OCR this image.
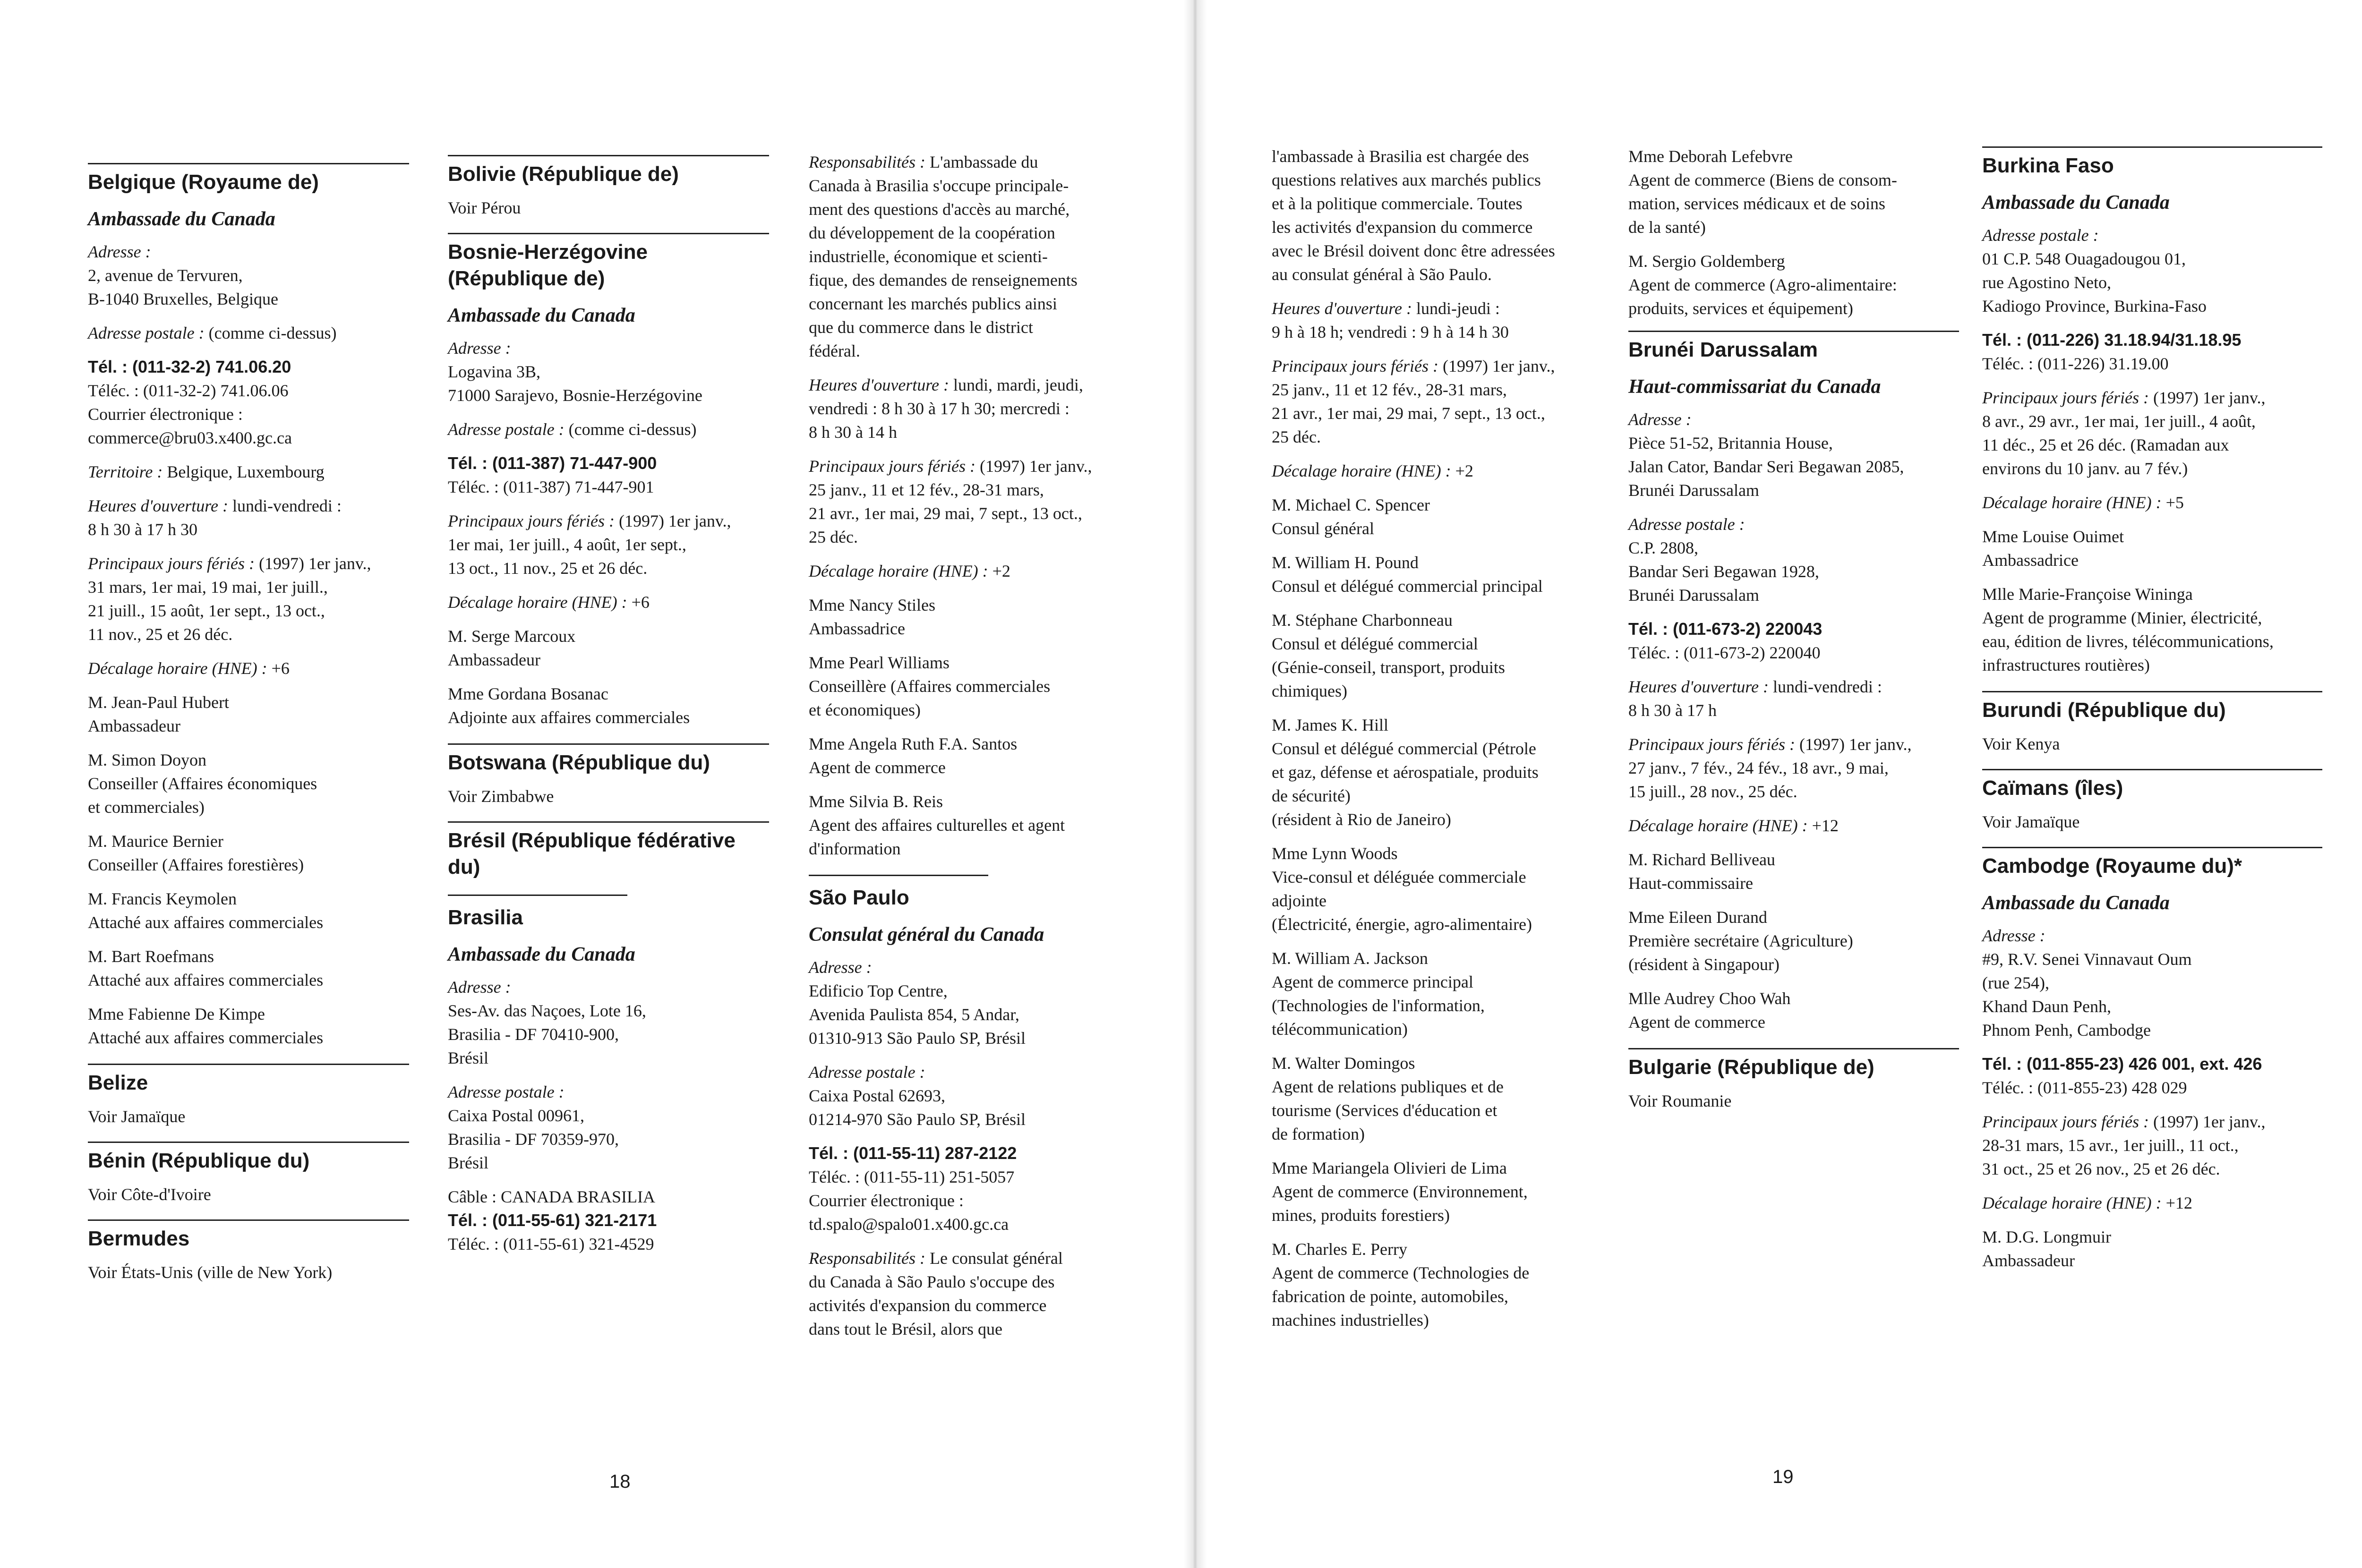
Belgique (Royaume de)
Ambassade du Canada
Adresse :
2, avenue de Tervuren,
B-1040 Bruxelles, Belgique
Adresse postale : (comme ci-dessus)
Tél. : (011-32-2) 741.06.20
Téléc. : (011-32-2) 741.06.06
Courrier électronique :
commerce@bru03.x400.gc.ca
Territoire : Belgique, Luxembourg
Heures d'ouverture : lundi-vendredi :
8 h 30 à 17 h 30
Principaux jours fériés : (1997) 1er janv.,
31 mars, 1er mai, 19 mai, 1er juill.,
21 juill., 15 août, 1er sept., 13 oct.,
11 nov., 25 et 26 déc.
Décalage horaire (HNE) : +6
M. Jean-Paul Hubert
Ambassadeur
M. Simon Doyon
Conseiller (Affaires économiques
et commerciales)
M. Maurice Bernier
Conseiller (Affaires forestières)
M. Francis Keymolen
Attaché aux affaires commerciales
M. Bart Roefmans
Attaché aux affaires commerciales
Mme Fabienne De Kimpe
Attaché aux affaires commerciales
Belize
Voir Jamaïque
Bénin (République du)
Voir Côte-d'Ivoire
Bermudes
Voir États-Unis (ville de New York)
Bolivie (République de)
Voir Pérou
Bosnie-Herzégovine
(République de)
Ambassade du Canada
Adresse :
Logavina 3B,
71000 Sarajevo, Bosnie-Herzégovine
Adresse postale : (comme ci-dessus)
Tél. : (011-387) 71-447-900
Téléc. : (011-387) 71-447-901
Principaux jours fériés : (1997) 1er janv.,
1er mai, 1er juill., 4 août, 1er sept.,
13 oct., 11 nov., 25 et 26 déc.
Décalage horaire (HNE) : +6
M. Serge Marcoux
Ambassadeur
Mme Gordana Bosanac
Adjointe aux affaires commerciales
Botswana (République du)
Voir Zimbabwe
Brésil (République fédérative du)
Brasilia
Ambassade du Canada
Adresse :
Ses-Av. das Naçoes, Lote 16,
Brasilia - DF 70410-900,
Brésil
Adresse postale :
Caixa Postal 00961,
Brasilia - DF 70359-970,
Brésil
Câble : CANADA BRASILIA
Tél. : (011-55-61) 321-2171
Téléc. : (011-55-61) 321-4529
Responsabilités : L'ambassade du
Canada à Brasilia s'occupe principale-
ment des questions d'accès au marché,
du développement de la coopération
industrielle, économique et scienti-
fique, des demandes de renseignements
concernant les marchés publics ainsi
que du commerce dans le district
fédéral.
Heures d'ouverture : lundi, mardi, jeudi,
vendredi : 8 h 30 à 17 h 30; mercredi :
8 h 30 à 14 h
Principaux jours fériés : (1997) 1er janv.,
25 janv., 11 et 12 fév., 28-31 mars,
21 avr., 1er mai, 29 mai, 7 sept., 13 oct.,
25 déc.
Décalage horaire (HNE) : +2
Mme Nancy Stiles
Ambassadrice
Mme Pearl Williams
Conseillère (Affaires commerciales
et économiques)
Mme Angela Ruth F.A. Santos
Agent de commerce
Mme Silvia B. Reis
Agent des affaires culturelles et agent
d'information
São Paulo
Consulat général du Canada
Adresse :
Edificio Top Centre,
Avenida Paulista 854, 5 Andar,
01310-913 São Paulo SP, Brésil
Adresse postale :
Caixa Postal 62693,
01214-970 São Paulo SP, Brésil
Tél. : (011-55-11) 287-2122
Téléc. : (011-55-11) 251-5057
Courrier électronique :
td.spalo@spalo01.x400.gc.ca
Responsabilités : Le consulat général
du Canada à São Paulo s'occupe des
activités d'expansion du commerce
dans tout le Brésil, alors que
18
l'ambassade à Brasilia est chargée des
questions relatives aux marchés publics
et à la politique commerciale. Toutes
les activités d'expansion du commerce
avec le Brésil doivent donc être adressées
au consulat général à São Paulo.
Heures d'ouverture : lundi-jeudi :
9 h à 18 h; vendredi : 9 h à 14 h 30
Principaux jours fériés : (1997) 1er janv.,
25 janv., 11 et 12 fév., 28-31 mars,
21 avr., 1er mai, 29 mai, 7 sept., 13 oct.,
25 déc.
Décalage horaire (HNE) : +2
M. Michael C. Spencer
Consul général
M. William H. Pound
Consul et délégué commercial principal
M. Stéphane Charbonneau
Consul et délégué commercial
(Génie-conseil, transport, produits
chimiques)
M. James K. Hill
Consul et délégué commercial (Pétrole
et gaz, défense et aérospatiale, produits
de sécurité)
(résident à Rio de Janeiro)
Mme Lynn Woods
Vice-consul et déléguée commerciale
adjointe
(Électricité, énergie, agro-alimentaire)
M. William A. Jackson
Agent de commerce principal
(Technologies de l'information,
télécommunication)
M. Walter Domingos
Agent de relations publiques et de
tourisme (Services d'éducation et
de formation)
Mme Mariangela Olivieri de Lima
Agent de commerce (Environnement,
mines, produits forestiers)
M. Charles E. Perry
Agent de commerce (Technologies de
fabrication de pointe, automobiles,
machines industrielles)
Mme Deborah Lefebvre
Agent de commerce (Biens de consom-
mation, services médicaux et de soins
de la santé)
M. Sergio Goldemberg
Agent de commerce (Agro-alimentaire:
produits, services et équipement)
Brunéi Darussalam
Haut-commissariat du Canada
Adresse :
Pièce 51-52, Britannia House,
Jalan Cator, Bandar Seri Begawan 2085,
Brunéi Darussalam
Adresse postale :
C.P. 2808,
Bandar Seri Begawan 1928,
Brunéi Darussalam
Tél. : (011-673-2) 220043
Téléc. : (011-673-2) 220040
Heures d'ouverture : lundi-vendredi :
8 h 30 à 17 h
Principaux jours fériés : (1997) 1er janv.,
27 janv., 7 fév., 24 fév., 18 avr., 9 mai,
15 juill., 28 nov., 25 déc.
Décalage horaire (HNE) : +12
M. Richard Belliveau
Haut-commissaire
Mme Eileen Durand
Première secrétaire (Agriculture)
(résident à Singapour)
Mlle Audrey Choo Wah
Agent de commerce
Bulgarie (République de)
Voir Roumanie
Burkina Faso
Ambassade du Canada
Adresse postale :
01 C.P. 548 Ouagadougou 01,
rue Agostino Neto,
Kadiogo Province, Burkina-Faso
Tél. : (011-226) 31.18.94/31.18.95
Téléc. : (011-226) 31.19.00
Principaux jours fériés : (1997) 1er janv.,
8 avr., 29 avr., 1er mai, 1er juill., 4 août,
11 déc., 25 et 26 déc. (Ramadan aux
environs du 10 janv. au 7 fév.)
Décalage horaire (HNE) : +5
Mme Louise Ouimet
Ambassadrice
Mlle Marie-Françoise Wininga
Agent de programme (Minier, électricité,
eau, édition de livres, télécommunications,
infrastructures routières)
Burundi (République du)
Voir Kenya
Caïmans (îles)
Voir Jamaïque
Cambodge (Royaume du)*
Ambassade du Canada
Adresse :
#9, R.V. Senei Vinnavaut Oum
(rue 254),
Khand Daun Penh,
Phnom Penh, Cambodge
Tél. : (011-855-23) 426 001, ext. 426
Téléc. : (011-855-23) 428 029
Principaux jours fériés : (1997) 1er janv.,
28-31 mars, 15 avr., 1er juill., 11 oct.,
31 oct., 25 et 26 nov., 25 et 26 déc.
Décalage horaire (HNE) : +12
M. D.G. Longmuir
Ambassadeur
19
